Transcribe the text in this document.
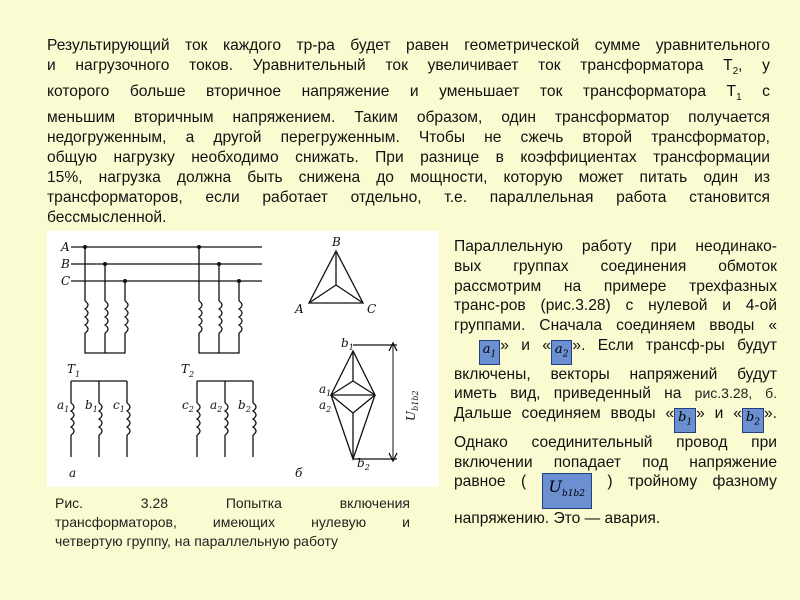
Результирующий ток каждого тр-ра будет равен геометрической сумме уравнительного
и нагрузочного токов. Уравнительный ток увеличивает ток трансформатора $T_2$, у
которого больше вторичное напряжение и уменьшает ток трансформатора $T_1$ с
меньшим вторичным напряжением. Таким образом, один трансформатор получается
недогруженным, а другой перегруженным. Чтобы не сжечь второй трансформатор,
общую нагрузку необходимо снижать. При разнице в коэффициентах трансформации
15%, нагрузка должна быть снижена до мощности, которую может питать один из
трансформаторов, если работает отдельно, т.е. параллельная работа становится
бессмысленной.
A
B
C
T 1	T 2
$a_1$ $b_1$ $c_1$	$c_2$ $a_2$ $b_2$
a	б
B
A	C
$b_1$
$a_1$
$a_2$
$b_2$
$U_{b1b2}$
Рис. 3.28 Попытка включения
трансформаторов, имеющих нулевую и
четвертую группу, на параллельную работу
Параллельную работу при неодинако-
вых группах соединения обмоток
рассмотрим на примере трехфазных
транс-ров (рис.3.28) с нулевой и 4-ой
группами. Сначала соединяем вводы «
$a_1$» и « $a_2$». Если трансф-ры будут
включены, векторы напряжений будут
иметь вид, приведенный на рис.3.28, б.
Дальше соединяем вводы « $b_1$» и « $b_2$».
Однако соединительный провод при
включении попадает под напряжение
равное ( $U_{b1b2}$ ) тройному фазному
напряжению. Это — авария.
